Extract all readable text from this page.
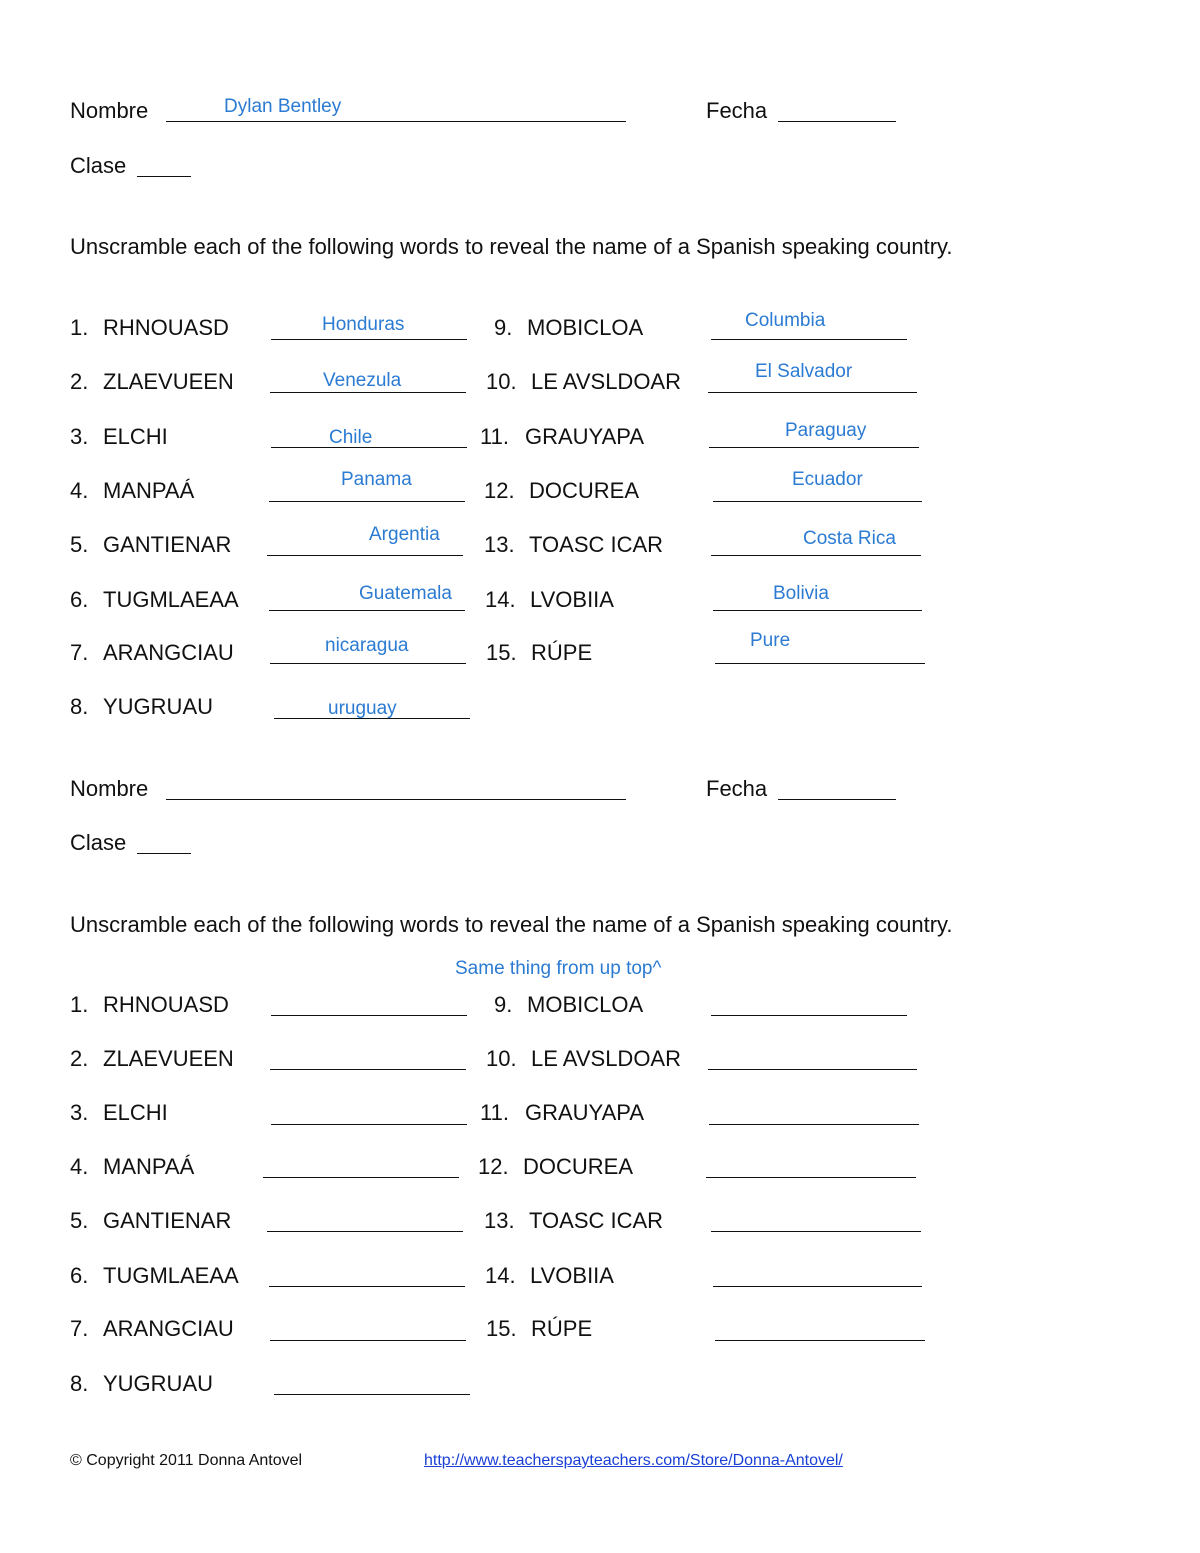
Nombre	Dylan Bentley	Fecha
Clase
Unscramble each of the following words to reveal the name of a Spanish speaking country.
1. RHNOUASD	Honduras
2. ZLAEVUEEN	Venezula
3. ELCHI	Chile
4. MANPAÁ	Panama
5. GANTIENAR	Argentia
6. TUGMLAEAA	Guatemala
7. ARANGCIAU	nicaragua
8. YUGRUAU	uruguay
9. MOBICLOA	Columbia
10. LE AVSLDOAR	El Salvador
11. GRAUYAPA	Paraguay
12. DOCUREA	Ecuador
13. TOASC ICAR	Costa Rica
14. LVOBIIA	Bolivia
15. RÚPE	Pure
Nombre	Fecha
Clase
Unscramble each of the following words to reveal the name of a Spanish speaking country.
Same thing from up top^
1. RHNOUASD
2. ZLAEVUEEN
3. ELCHI
4. MANPAÁ
5. GANTIENAR
6. TUGMLAEAA
7. ARANGCIAU
8. YUGRUAU
9. MOBICLOA
10. LE AVSLDOAR
11. GRAUYAPA
12. DOCUREA
13. TOASC ICAR
14. LVOBIIA
15. RÚPE
© Copyright 2011 Donna Antovel	http://www.teacherspayteachers.com/Store/Donna-Antovel/
